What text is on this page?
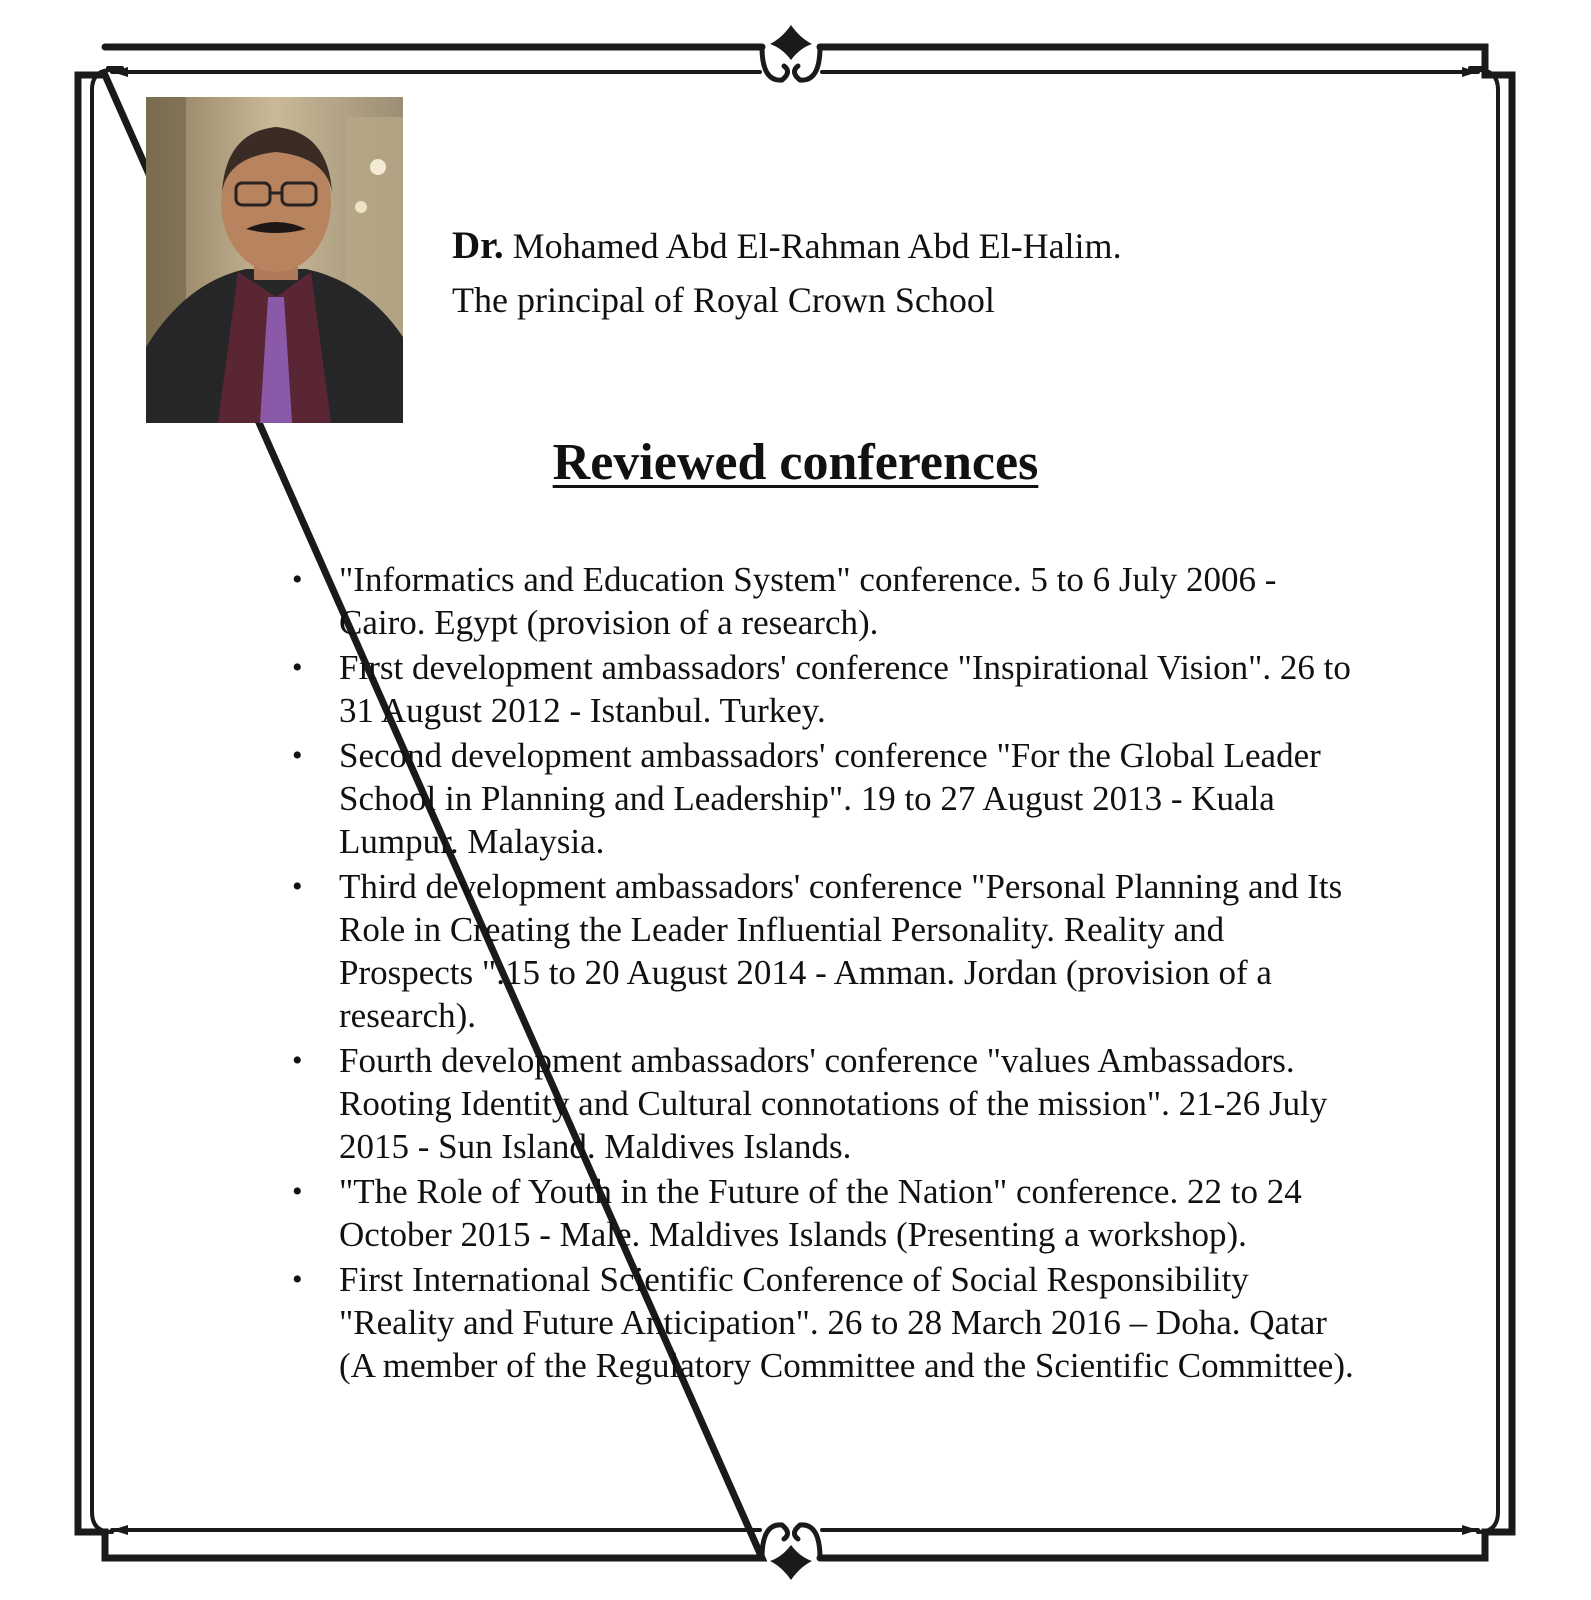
Dr. Mohamed Abd El-Rahman Abd El-Halim.
The principal of Royal Crown School
Reviewed conferences
• "Informatics and Education System" conference. 5 to 6 July 2006 - Cairo. Egypt (provision of a research).
• First development ambassadors' conference "Inspirational Vision". 26 to 31 August 2012 - Istanbul. Turkey.
• Second development ambassadors' conference "For the Global Leader School in Planning and Leadership". 19 to 27 August 2013 - Kuala Lumpur. Malaysia.
• Third development ambassadors' conference "Personal Planning and Its Role in Creating the Leader Influential Personality. Reality and Prospects ".15 to 20 August 2014 - Amman. Jordan (provision of a research).
• Fourth development ambassadors' conference "values Ambassadors. Rooting Identity and Cultural connotations of the mission". 21-26 July 2015 - Sun Island. Maldives Islands.
• "The Role of Youth in the Future of the Nation" conference. 22 to 24 October 2015 - Male. Maldives Islands (Presenting a workshop).
• First International Scientific Conference of Social Responsibility "Reality and Future Anticipation". 26 to 28 March 2016 – Doha. Qatar (A member of the Regulatory Committee and the Scientific Committee).
